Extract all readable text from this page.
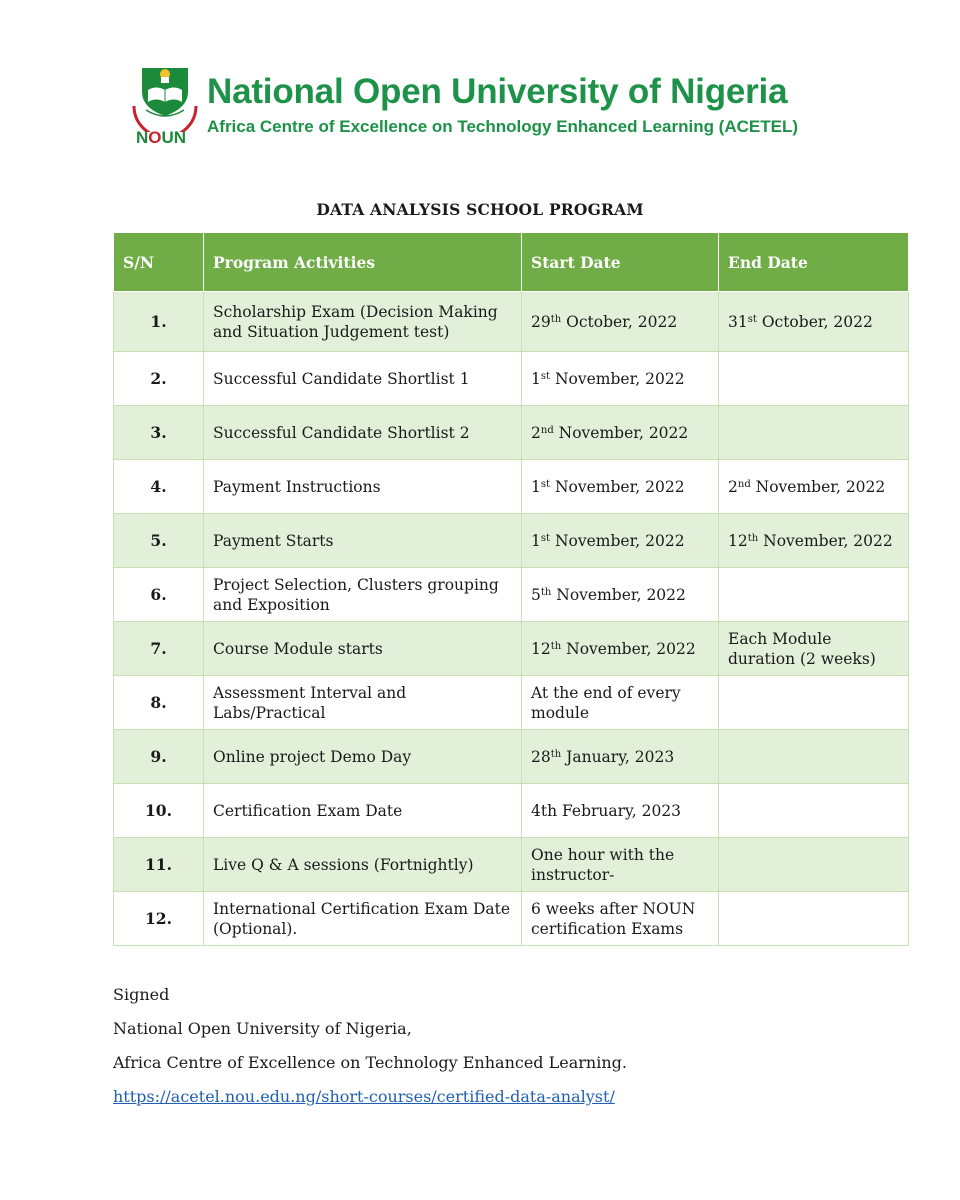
NOUN
National Open University of Nigeria
Africa Centre of Excellence on Technology Enhanced Learning (ACETEL)
DATA ANALYSIS SCHOOL PROGRAM
S/N	Program Activities	Start Date	End Date
1.	Scholarship Exam (Decision Making and Situation Judgement test)	29th October, 2022	31st October, 2022
2.	Successful Candidate Shortlist 1	1st November, 2022	
3.	Successful Candidate Shortlist 2	2nd November, 2022	
4.	Payment Instructions	1st November, 2022	2nd November, 2022
5.	Payment Starts	1st November, 2022	12th November, 2022
6.	Project Selection, Clusters grouping and Exposition	5th November, 2022	
7.	Course Module starts	12th November, 2022	Each Module duration (2 weeks)
8.	Assessment Interval and Labs/Practical	At the end of every module	
9.	Online project Demo Day	28th January, 2023	
10.	Certification Exam Date	4th February, 2023	
11.	Live Q & A sessions (Fortnightly)	One hour with the instructor-	
12.	International Certification Exam Date (Optional).	6 weeks after NOUN certification Exams	

Signed

National Open University of Nigeria,

Africa Centre of Excellence on Technology Enhanced Learning.

https://acetel.nou.edu.ng/short-courses/certified-data-analyst/
